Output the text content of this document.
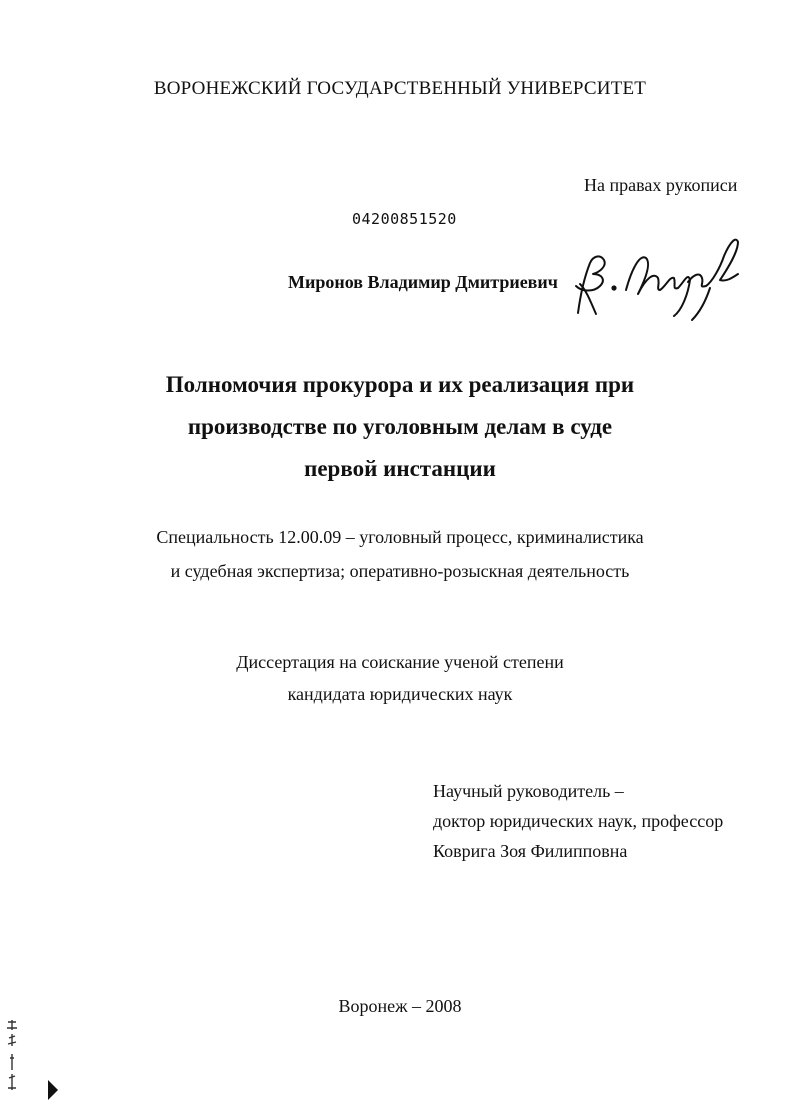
ВОРОНЕЖСКИЙ ГОСУДАРСТВЕННЫЙ УНИВЕРСИТЕТ
На правах рукописи
04200851520
Миронов Владимир Дмитриевич
Полномочия прокурора и их реализация при
производстве по уголовным делам в суде
первой инстанции
Специальность 12.00.09 – уголовный процесс, криминалистика
и судебная экспертиза; оперативно-розыскная деятельность
Диссертация на соискание ученой степени
кандидата юридических наук
Научный руководитель –
доктор юридических наук, профессор
Коврига Зоя Филипповна
Воронеж – 2008
